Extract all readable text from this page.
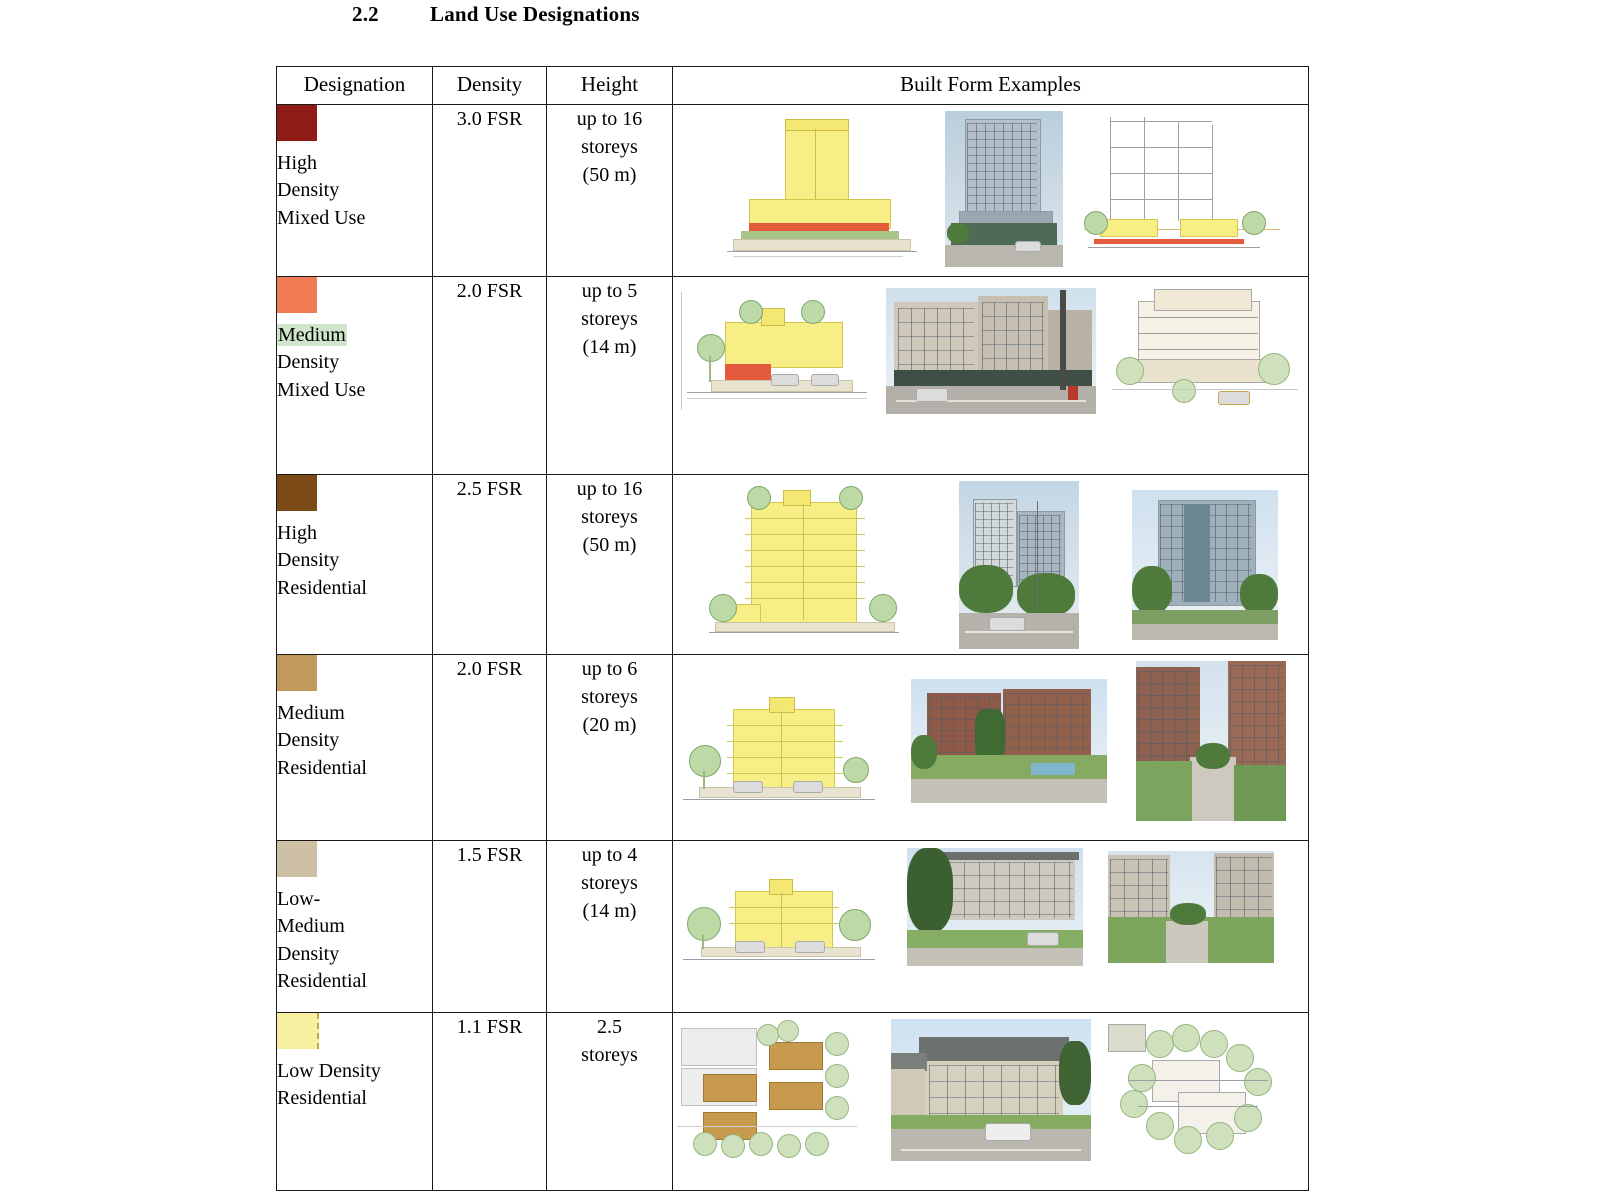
2.2 Land Use Designations
Designation	Density	Height	Built Form Examples

High
Density
Mixed Use
	3.0 FSR	up to 16
storeys
(50 m)

Medium
Density
Mixed Use
	2.0 FSR	up to 5
storeys
(14 m)

High
Density
Residential
	2.5 FSR	up to 16
storeys
(50 m)

Medium
Density
Residential
	2.0 FSR	up to 6
storeys
(20 m)

Low-
Medium
Density
Residential
	1.5 FSR	up to 4
storeys
(14 m)

Low Density
Residential
	1.1 FSR	2.5
storeys
